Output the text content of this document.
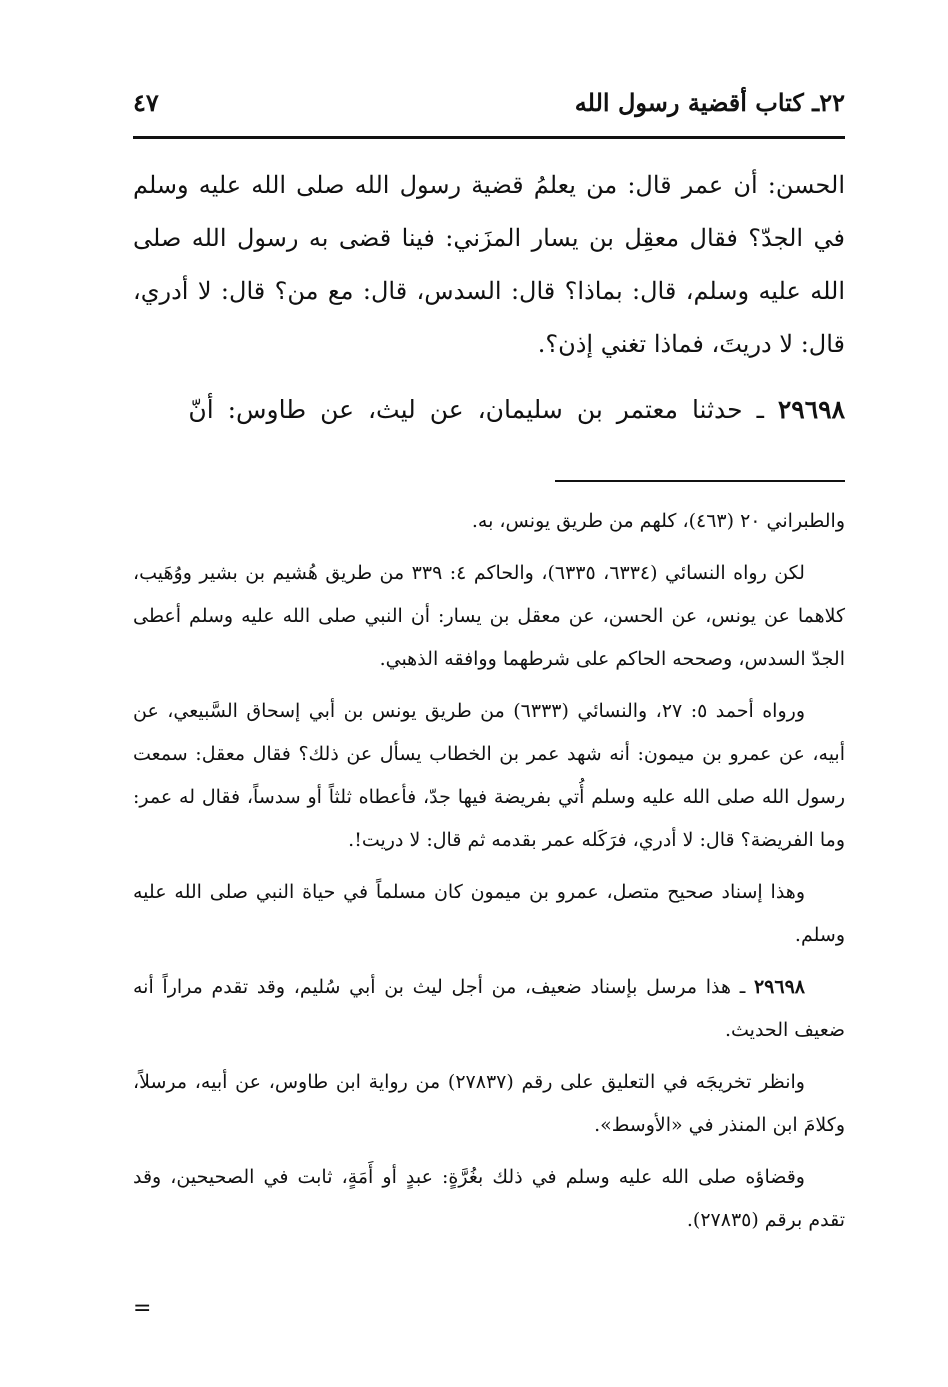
٢٢ـ كتاب أقضية رسول الله
٤٧

الحسن: أن عمر قال: من يعلمُ قضية رسول الله صلى الله عليه وسلم في الجدّ؟ فقال معقِل بن يسار المزَني: فينا قضى به رسول الله صلى الله عليه وسلم، قال: بماذا؟ قال: السدس، قال: مع من؟ قال: لا أدري، قال: لا دريتَ، فماذا تغني إذن؟.

٢٩٦٩٨ ـ حدثنا معتمر بن سليمان، عن ليث، عن طاوس: أنّ

والطبراني ٢٠ (٤٦٣)، كلهم من طريق يونس، به.

لكن رواه النسائي (٦٣٣٤، ٦٣٣٥)، والحاكم ٤: ٣٣٩ من طريق هُشيم بن بشير ووُهَيب، كلاهما عن يونس، عن الحسن، عن معقل بن يسار: أن النبي صلى الله عليه وسلم أعطى الجدّ السدس، وصححه الحاكم على شرطهما ووافقه الذهبي.

ورواه أحمد ٥: ٢٧، والنسائي (٦٣٣٣) من طريق يونس بن أبي إسحاق السَّبيعي، عن أبيه، عن عمرو بن ميمون: أنه شهد عمر بن الخطاب يسأل عن ذلك؟ فقال معقل: سمعت رسول الله صلى الله عليه وسلم أُتي بفريضة فيها جدّ، فأعطاه ثلثاً أو سدساً، فقال له عمر: وما الفريضة؟ قال: لا أدري، فرَكَله عمر بقدمه ثم قال: لا دريت!.

وهذا إسناد صحيح متصل، عمرو بن ميمون كان مسلماً في حياة النبي صلى الله عليه وسلم.

٢٩٦٩٨ ـ هذا مرسل بإسناد ضعيف، من أجل ليث بن أبي سُليم، وقد تقدم مراراً أنه ضعيف الحديث.

وانظر تخريجَه في التعليق على رقم (٢٧٨٣٧) من رواية ابن طاوس، عن أبيه، مرسلاً، وكلامَ ابن المنذر في «الأوسط».

وقضاؤه صلى الله عليه وسلم في ذلك بغُرَّةٍ: عبدٍ أو أَمَةٍ، ثابت في الصحيحين، وقد تقدم برقم (٢٧٨٣٥).

=
